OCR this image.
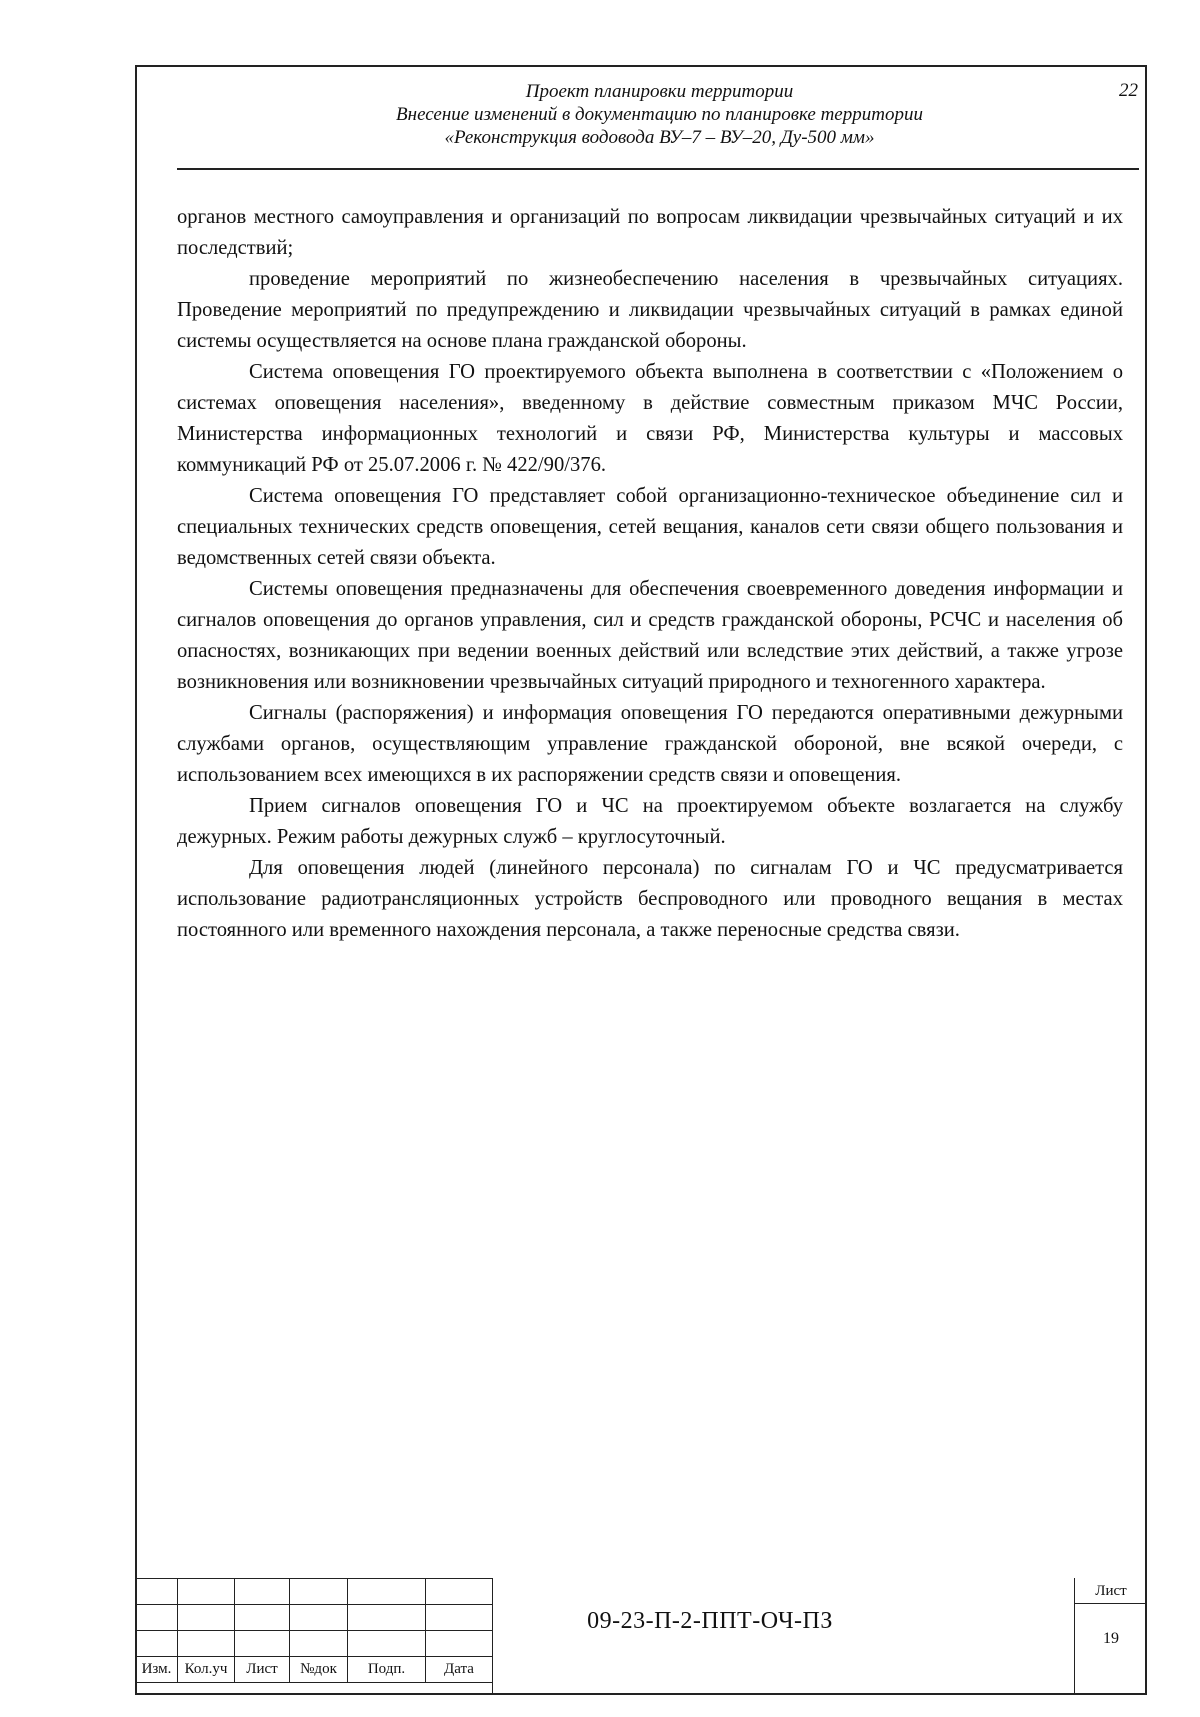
Проект планировки территории
Внесение изменений в документацию по планировке территории
«Реконструкция водовода ВУ–7 – ВУ–20, Ду-500 мм»
22

органов местного самоуправления и организаций по вопросам ликвидации чрезвычайных ситуаций и их последствий;

проведение мероприятий по жизнеобеспечению населения в чрезвычайных ситуациях. Проведение мероприятий по предупреждению и ликвидации чрезвычайных ситуаций в рамках единой системы осуществляется на основе плана гражданской обороны.

Система оповещения ГО проектируемого объекта выполнена в соответствии с «Положением о системах оповещения населения», введенному в действие совместным приказом МЧС России, Министерства информационных технологий и связи РФ, Министерства культуры и массовых коммуникаций РФ от 25.07.2006 г. № 422/90/376.

Система оповещения ГО представляет собой организационно-техническое объединение сил и специальных технических средств оповещения, сетей вещания, каналов сети связи общего пользования и ведомственных сетей связи объекта.

Системы оповещения предназначены для обеспечения своевременного доведения информации и сигналов оповещения до органов управления, сил и средств гражданской обороны, РСЧС и населения об опасностях, возникающих при ведении военных действий или вследствие этих действий, а также угрозе возникновения или возникновении чрезвычайных ситуаций природного и техногенного характера.

Сигналы (распоряжения) и информация оповещения ГО передаются оперативными дежурными службами органов, осуществляющим управление гражданской обороной, вне всякой очереди, с использованием всех имеющихся в их распоряжении средств связи и оповещения.

Прием сигналов оповещения ГО и ЧС на проектируемом объекте возлагается на службу дежурных. Режим работы дежурных служб – круглосуточный.

Для оповещения людей (линейного персонала) по сигналам ГО и ЧС предусматривается использование радиотрансляционных устройств беспроводного или проводного вещания в местах постоянного или временного нахождения персонала, а также переносные средства связи.

Изм.	Кол.уч	Лист	№док	Подп.	Дата
09-23-П-2-ППТ-ОЧ-ПЗ
Лист
19
